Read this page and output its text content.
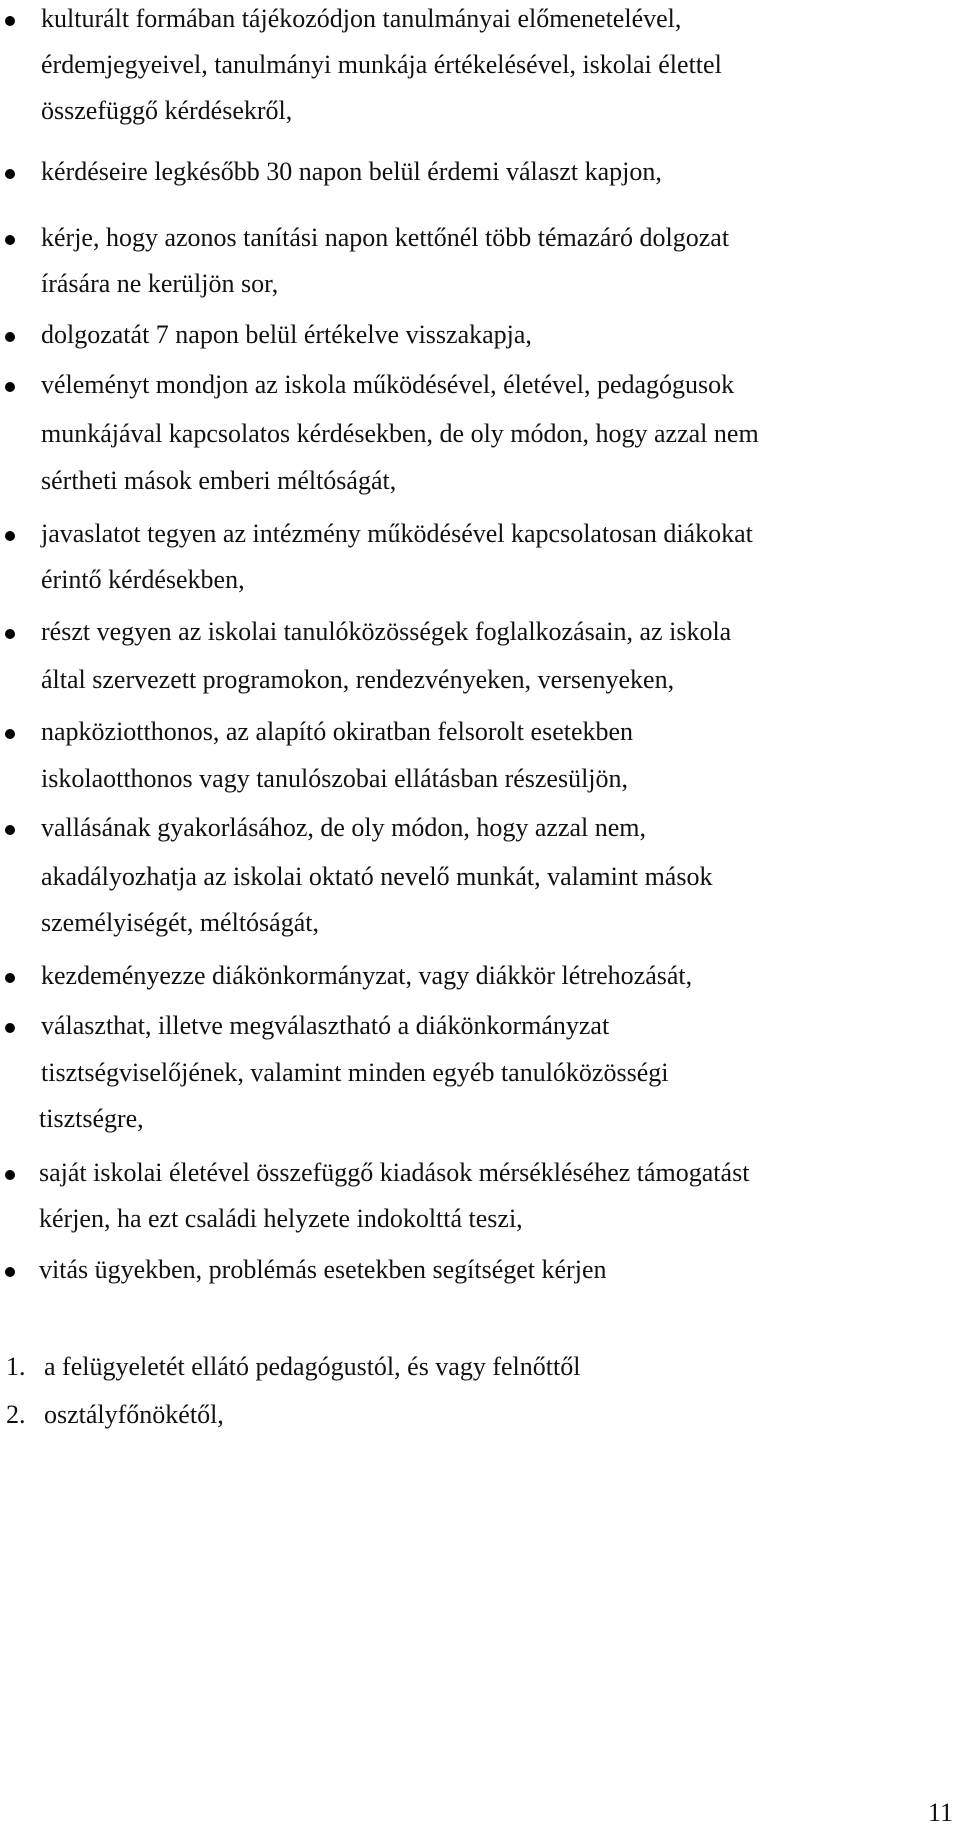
kulturált formában tájékozódjon tanulmányai előmenetelével,
érdemjegyeivel, tanulmányi munkája értékelésével, iskolai élettel
összefüggő kérdésekről,
kérdéseire legkésőbb 30 napon belül érdemi választ kapjon,
kérje, hogy azonos tanítási napon kettőnél több témazáró dolgozat
írására ne kerüljön sor,
dolgozatát 7 napon belül értékelve visszakapja,
véleményt mondjon az iskola működésével, életével, pedagógusok
munkájával kapcsolatos kérdésekben, de oly módon, hogy azzal nem
sértheti mások emberi méltóságát,
javaslatot tegyen az intézmény működésével kapcsolatosan diákokat
érintő kérdésekben,
részt vegyen az iskolai tanulóközösségek foglalkozásain, az iskola
által szervezett programokon, rendezvényeken, versenyeken,
napköziotthonos, az alapító okiratban felsorolt esetekben
iskolaotthonos vagy tanulószobai ellátásban részesüljön,
vallásának gyakorlásához, de oly módon, hogy azzal nem,
akadályozhatja az iskolai oktató nevelő munkát, valamint mások
személyiségét, méltóságát,
kezdeményezze diákönkormányzat, vagy diákkör létrehozását,
választhat, illetve megválasztható a diákönkormányzat
tisztségviselőjének, valamint minden egyéb tanulóközösségi
tisztségre,
saját iskolai életével összefüggő kiadások mérsékléséhez támogatást
kérjen, ha ezt családi helyzete indokolttá teszi,
vitás ügyekben, problémás esetekben segítséget kérjen
1. a felügyeletét ellátó pedagógustól, és vagy felnőttől
2. osztályfőnökétől,
11
